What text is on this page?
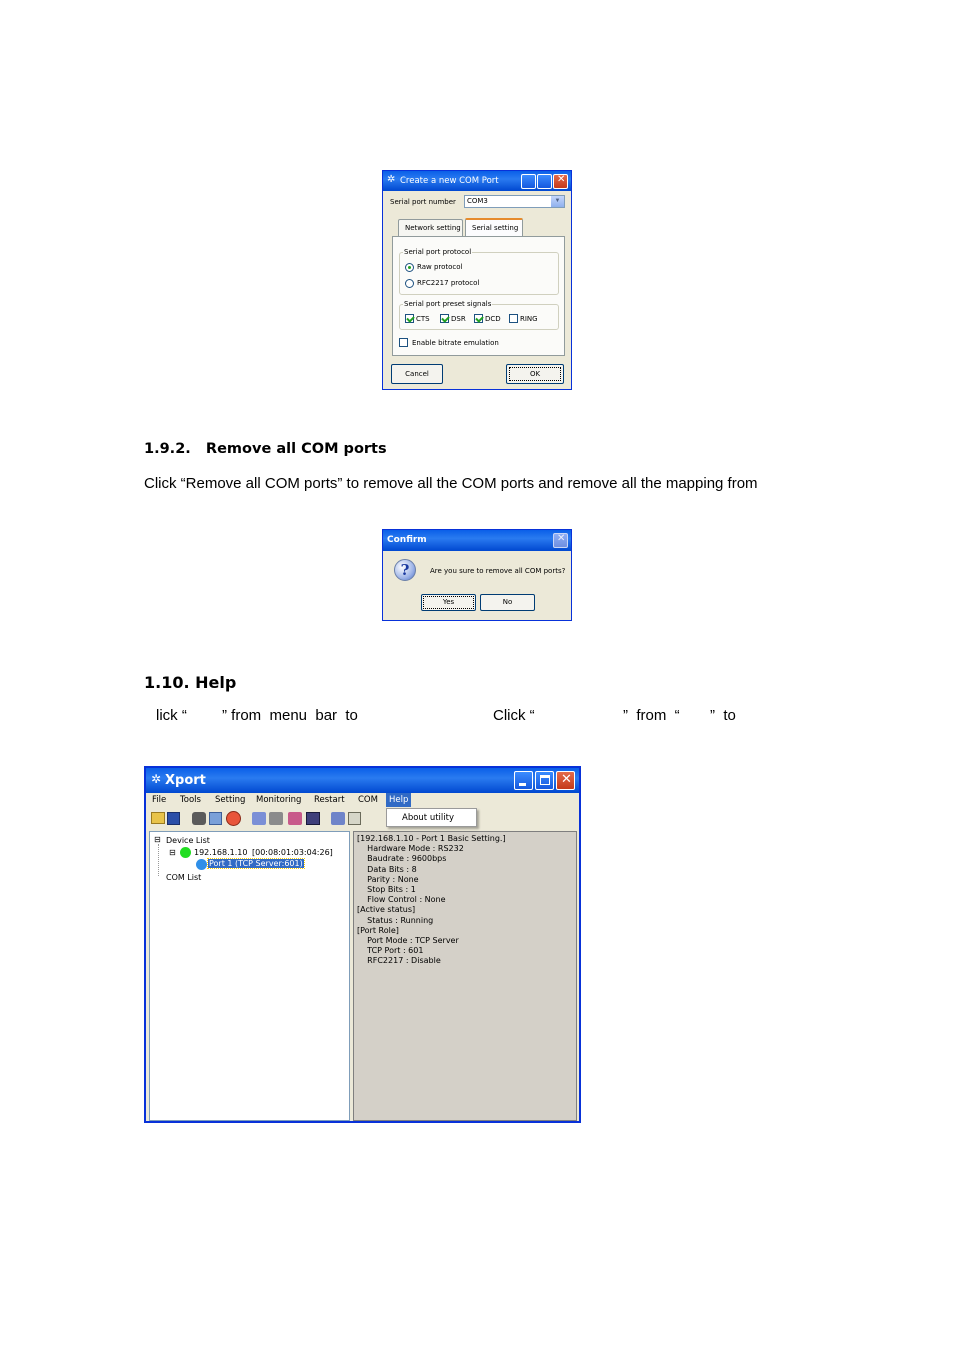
✲ Create a new COM Port	✕
Serial port number COM3	▼
Network setting Serial setting
Serial port protocol
Raw protocol
RFC2217 protocol
Serial port preset signals
CTS	DSR	DCD	RING
Enable bitrate emulation
Cancel	OK
1.9.2.   Remove all COM ports
Click “Remove all COM ports” to remove all the COM ports and remove all the mapping from
Confirm	✕
?	Are you sure to remove all COM ports?
Yes	No
1.10. Help
lick “ ” from  menu  bar  to	Click “	”  from  “ ”  to
✲ Xport	✕
File Tools Setting Monitoring Restart COM	Help
⊟ Device List
⊟ 192.168.1.10 [00:08:01:03:04:26]
Port 1 (TCP Server:601)
COM List
[192.168.1.10 - Port 1 Basic Setting.]
Hardware Mode : RS232
Baudrate : 9600bps
Data Bits : 8
Parity : None
Stop Bits : 1
Flow Control : None
[Active status]
Status : Running
[Port Role]
Port Mode : TCP Server
TCP Port : 601
RFC2217 : Disable
About utility
